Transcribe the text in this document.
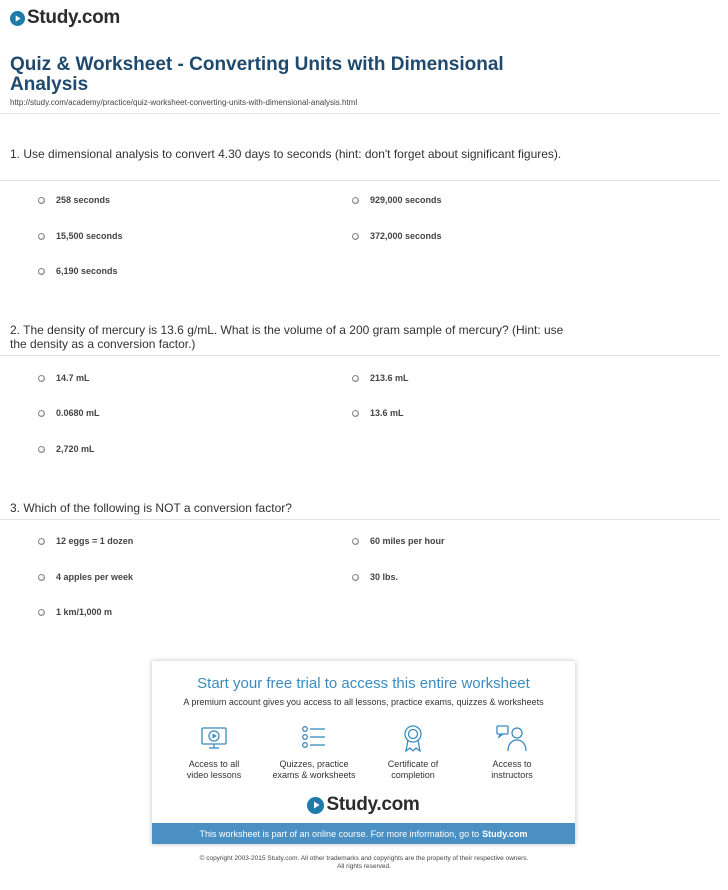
Study.com
Quiz & Worksheet - Converting Units with Dimensional Analysis
http://study.com/academy/practice/quiz-worksheet-converting-units-with-dimensional-analysis.html
1. Use dimensional analysis to convert 4.30 days to seconds (hint: don't forget about significant figures).
258 seconds	929,000 seconds
15,500 seconds	372,000 seconds
6,190 seconds
2. The density of mercury is 13.6 g/mL. What is the volume of a 200 gram sample of mercury? (Hint: use the density as a conversion factor.)
14.7 mL	213.6 mL
0.0680 mL	13.6 mL
2,720 mL
3. Which of the following is NOT a conversion factor?
12 eggs = 1 dozen	60 miles per hour
4 apples per week	30 lbs.
1 km/1,000 m
Start your free trial to access this entire worksheet
A premium account gives you access to all lessons, practice exams, quizzes & worksheets
Access to all
video lessons
Quizzes, practice
exams & worksheets
Certificate of
completion
Access to
instructors
Study.com
This worksheet is part of an online course. For more information, go to Study.com
© copyright 2003-2015 Study.com. All other trademarks and copyrights are the property of their respective owners.
All rights reserved.
